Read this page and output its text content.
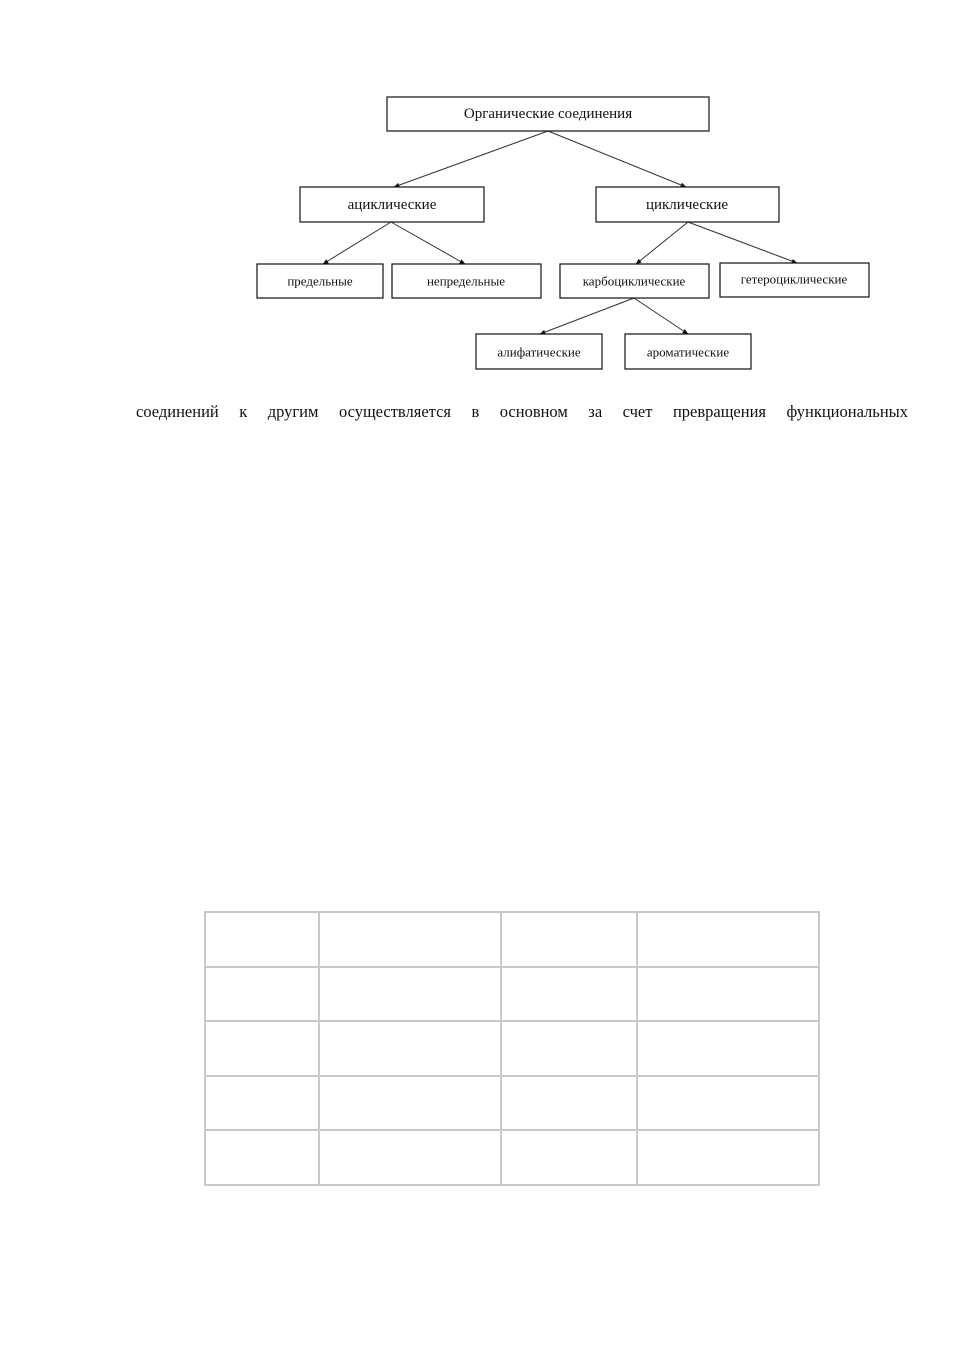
Органические соединения
ациклические	циклические
предельные	непредельные	карбоциклические	гетероциклические
алифатические	ароматические
соединений к другим осуществляется в основном за счет превращения функциональных
